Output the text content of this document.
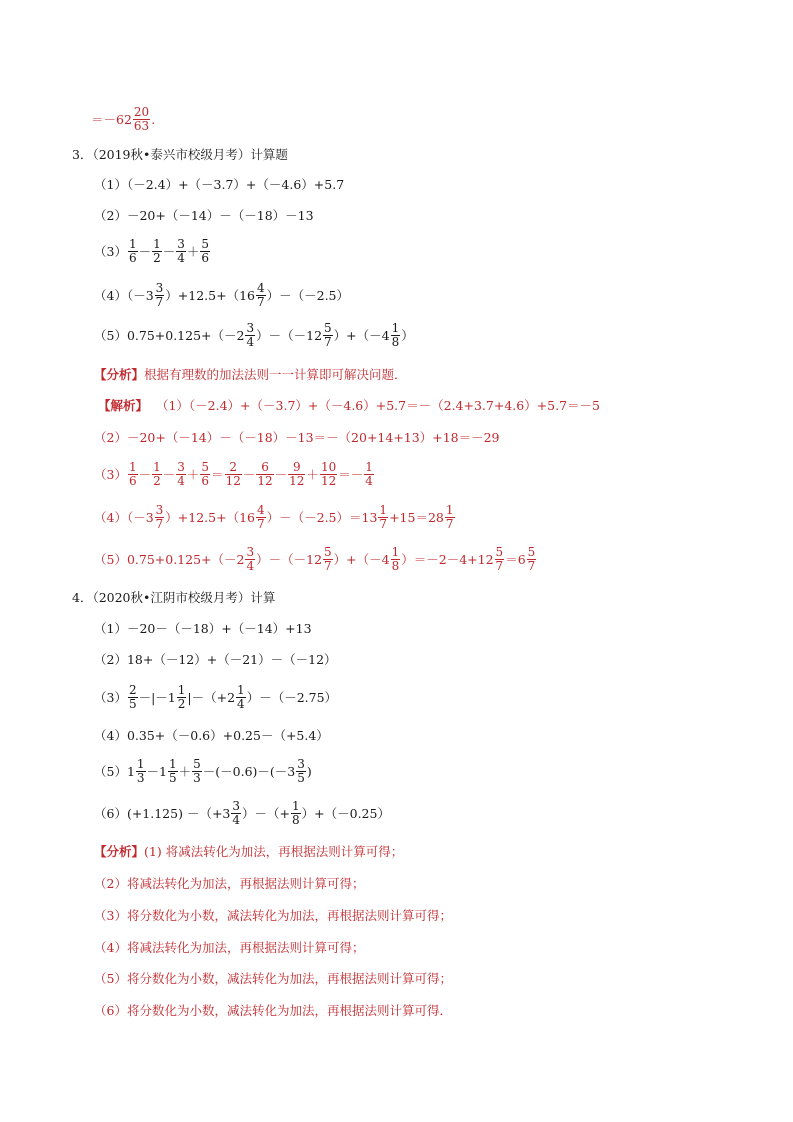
$=-62 \frac{20}{63}$ .
3．（2019秋•泰兴市校级月考）计算题
（1）（－2.4）+（－3.7）+（－4.6）+5.7
（2）－20+（－14）－（－18）－13
$(3) \frac{1}{6} - \frac{1}{2} - \frac{3}{4} + \frac{5}{6}$
$(4)(-3 \frac{3}{7} )+12.5+(16 \frac{4}{7} )-(-2.5)$
$(5)0.75+0.125+(-2 \frac{3}{4} )-(-12 \frac{5}{7} )+(-4 \frac{1}{8}$ ）
【分析】根据有理数的加法法则一一计算即可解决问题．
【解析】 （1）（－2.4）+（－3.7）+（－4.6）+5.7＝－（2.4+3.7+4.6）+5.7＝－5
（2）－20+（－14）－（－18）－13＝－（20+14+13）+18＝－29
$(3) \frac{1}{6} - \frac{1}{2} - \frac{3}{4} + \frac{5}{6} = \frac{2}{12} - \frac{6}{12} - \frac{9}{12} + \frac{10}{12} =- \frac{1}{4}$
$(4)(-3 \frac{3}{7} )+12.5+(16 \frac{4}{7} )-(-2.5)=13 \frac{1}{7} +15=28 \frac{1}{7}$
$(5)0.75+0.125+(-2 \frac{3}{4} )-(-12 \frac{5}{7} )+(-4 \frac{1}{8} )=-2-4+12 \frac{5}{7} =6 \frac{5}{7}$
4．（2020秋•江阴市校级月考）计算
（1）－20－（－18）+（－14）+13
（2）18+（－12）+（－21）－（－12）
$(3) \frac{2}{5} -|-1 \frac{1}{2} |-(+2 \frac{1}{4} )-(-2.75)$
（4）0.35+（－0.6）+0.25－（+5.4）
$(5)1 \frac{1}{3} -1 \frac{1}{5} + \frac{5}{3} -(-0.6)-(-3 \frac{3}{5}$ )
$(6)(+1.125) -(+3 \frac{3}{4}$ ）－（+ $\frac{1}{8} )+(-0.25)$
【分析】(1) 将减法转化为加法，再根据法则计算可得；
（2）将减法转化为加法，再根据法则计算可得；
（3）将分数化为小数，减法转化为加法，再根据法则计算可得；
（4）将减法转化为加法，再根据法则计算可得；
（5）将分数化为小数，减法转化为加法，再根据法则计算可得；
（6）将分数化为小数，减法转化为加法，再根据法则计算可得．
